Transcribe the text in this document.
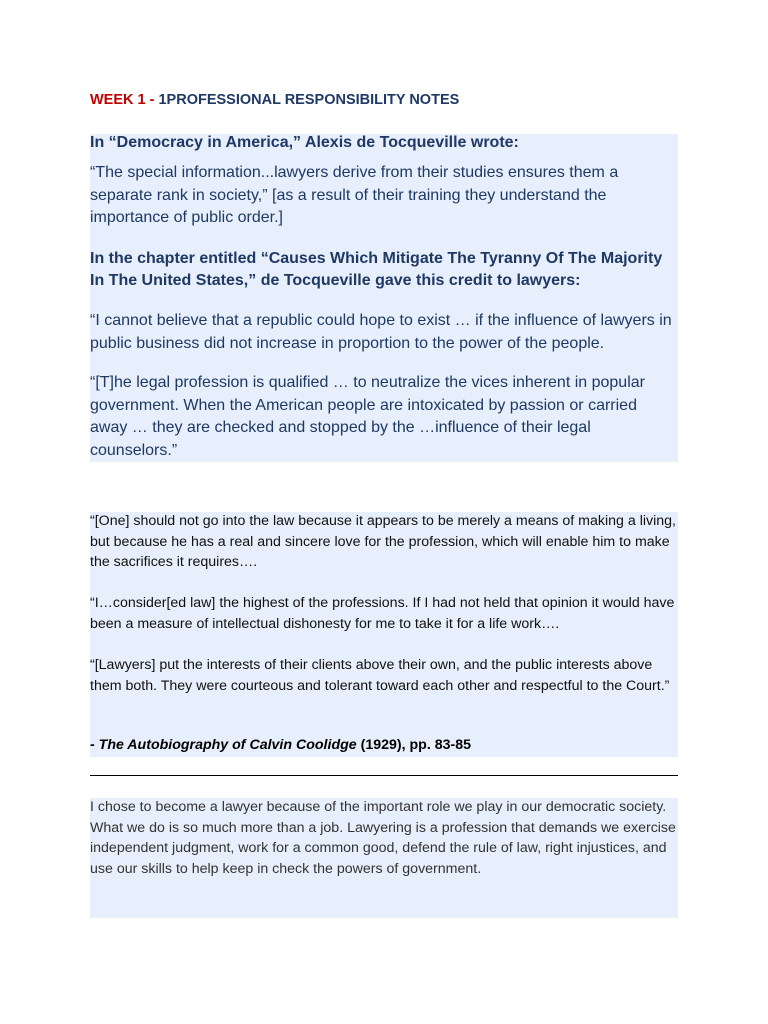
WEEK 1 - 1PROFESSIONAL RESPONSIBILITY NOTES

In “Democracy in America,” Alexis de Tocqueville wrote:

“The special information...lawyers derive from their studies ensures them a separate rank in society,” [as a result of their training they understand the importance of public order.]

In the chapter entitled “Causes Which Mitigate The Tyranny Of The Majority In The United States,” de Tocqueville gave this credit to lawyers:

“I cannot believe that a republic could hope to exist … if the influence of lawyers in public business did not increase in proportion to the power of the people.

“[T]he legal profession is qualified … to neutralize the vices inherent in popular government. When the American people are intoxicated by passion or carried away … they are checked and stopped by the …influence of their legal counselors.”

“[One] should not go into the law because it appears to be merely a means of making a living, but because he has a real and sincere love for the profession, which will enable him to make the sacrifices it requires….

“I…consider[ed law] the highest of the professions. If I had not held that opinion it would have been a measure of intellectual dishonesty for me to take it for a life work….

“[Lawyers] put the interests of their clients above their own, and the public interests above them both. They were courteous and tolerant toward each other and respectful to the Court.”

- The Autobiography of Calvin Coolidge (1929), pp. 83-85

I chose to become a lawyer because of the important role we play in our democratic society. What we do is so much more than a job. Lawyering is a profession that demands we exercise independent judgment, work for a common good, defend the rule of law, right injustices, and use our skills to help keep in check the powers of government.
